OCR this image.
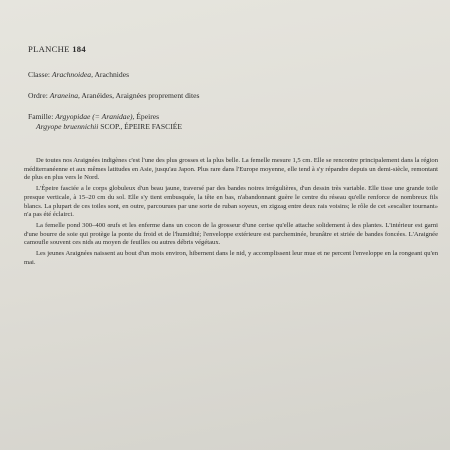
PLANCHE 184
Classe: Arachnoidea, Arachnides
Ordre: Araneina, Aranéides, Araignées proprement dites
Famille: Argyopidae (= Aranidae), Épeires
Argyope bruennichii SCOP., ÉPEIRE FASCIÉE

De toutes nos Araignées indigènes c'est l'une des plus grosses et la plus belle. La femelle mesure 1,5 cm. Elle se rencontre principalement dans la région méditerranéenne et aux mêmes latitudes en Asie, jusqu'au Japon. Plus rare dans l'Europe moyenne, elle tend à s'y répandre depuis un demi-siècle, remontant de plus en plus vers le Nord.

L'Épeire fasciée a le corps globuleux d'un beau jaune, traversé par des bandes noires irrégulières, d'un dessin très variable. Elle tisse une grande toile presque verticale, à 15–20 cm du sol. Elle s'y tient embusquée, la tête en bas, n'abandonnant guère le centre du réseau qu'elle renforce de nombreux fils blancs. La plupart de ces toiles sont, en outre, parcourues par une sorte de ruban soyeux, en zigzag entre deux rais voisins; le rôle de cet «escalier tournant» n'a pas été éclairci.

La femelle pond 300–400 œufs et les enferme dans un cocon de la grosseur d'une cerise qu'elle attache solidement à des plantes. L'intérieur est garni d'une bourre de soie qui protège la ponte du froid et de l'humidité; l'enveloppe extérieure est parcheminée, brunâtre et striée de bandes foncées. L'Araignée camoufle souvent ces nids au moyen de feuilles ou autres débris végétaux.

Les jeunes Araignées naissent au bout d'un mois environ, hibernent dans le nid, y accomplissent leur mue et ne percent l'enveloppe en la rongeant qu'en mai.
